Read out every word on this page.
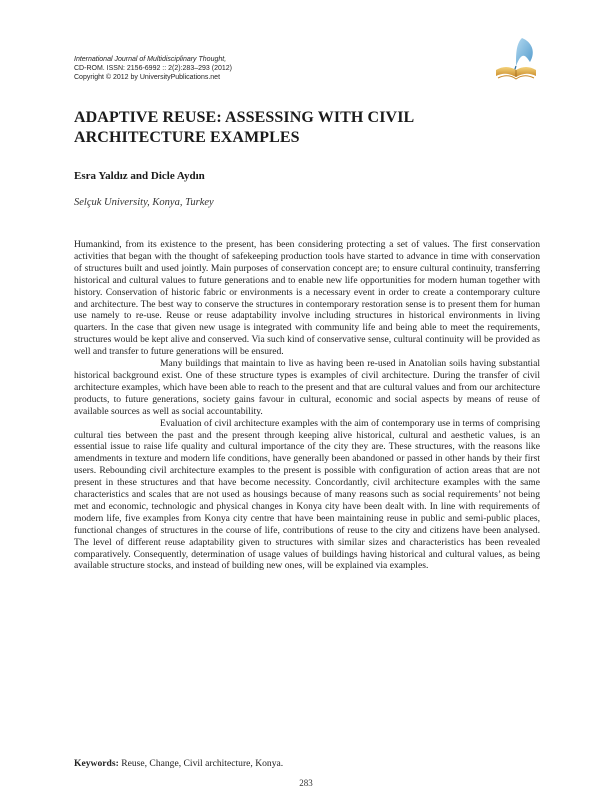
International Journal of Multidisciplinary Thought,
CD-ROM. ISSN: 2156-6992 :: 2(2):283–293 (2012)
Copyright © 2012 by UniversityPublications.net
ADAPTIVE REUSE: ASSESSING WITH CIVIL ARCHITECTURE EXAMPLES
Esra Yaldız and Dicle Aydın
Selçuk University, Konya, Turkey

Humankind, from its existence to the present, has been considering protecting a set of values. The first conservation activities that began with the thought of safekeeping production tools have started to advance in time with conservation of structures built and used jointly. Main purposes of conservation concept are; to ensure cultural continuity, transferring historical and cultural values to future generations and to enable new life opportunities for modern human together with history. Conservation of historic fabric or environments is a necessary event in order to create a contemporary culture and architecture. The best way to conserve the structures in contemporary restoration sense is to present them for human use namely to re-use. Reuse or reuse adaptability involve including structures in historical environments in living quarters. In the case that given new usage is integrated with community life and being able to meet the requirements, structures would be kept alive and conserved. Via such kind of conservative sense, cultural continuity will be provided as well and transfer to future generations will be ensured.

Many buildings that maintain to live as having been re-used in Anatolian soils having substantial historical background exist. One of these structure types is examples of civil architecture. During the transfer of civil architecture examples, which have been able to reach to the present and that are cultural values and from our architecture products, to future generations, society gains favour in cultural, economic and social aspects by means of reuse of available sources as well as social accountability.

Evaluation of civil architecture examples with the aim of contemporary use in terms of comprising cultural ties between the past and the present through keeping alive historical, cultural and aesthetic values, is an essential issue to raise life quality and cultural importance of the city they are. These structures, with the reasons like amendments in texture and modern life conditions, have generally been abandoned or passed in other hands by their first users. Rebounding civil architecture examples to the present is possible with configuration of action areas that are not present in these structures and that have become necessity. Concordantly, civil architecture examples with the same characteristics and scales that are not used as housings because of many reasons such as social requirements’ not being met and economic, technologic and physical changes in Konya city have been dealt with. In line with requirements of modern life, five examples from Konya city centre that have been maintaining reuse in public and semi-public places, functional changes of structures in the course of life, contributions of reuse to the city and citizens have been analysed. The level of different reuse adaptability given to structures with similar sizes and characteristics has been revealed comparatively. Consequently, determination of usage values of buildings having historical and cultural values, as being available structure stocks, and instead of building new ones, will be explained via examples.

Keywords: Reuse, Change, Civil architecture, Konya.
283
